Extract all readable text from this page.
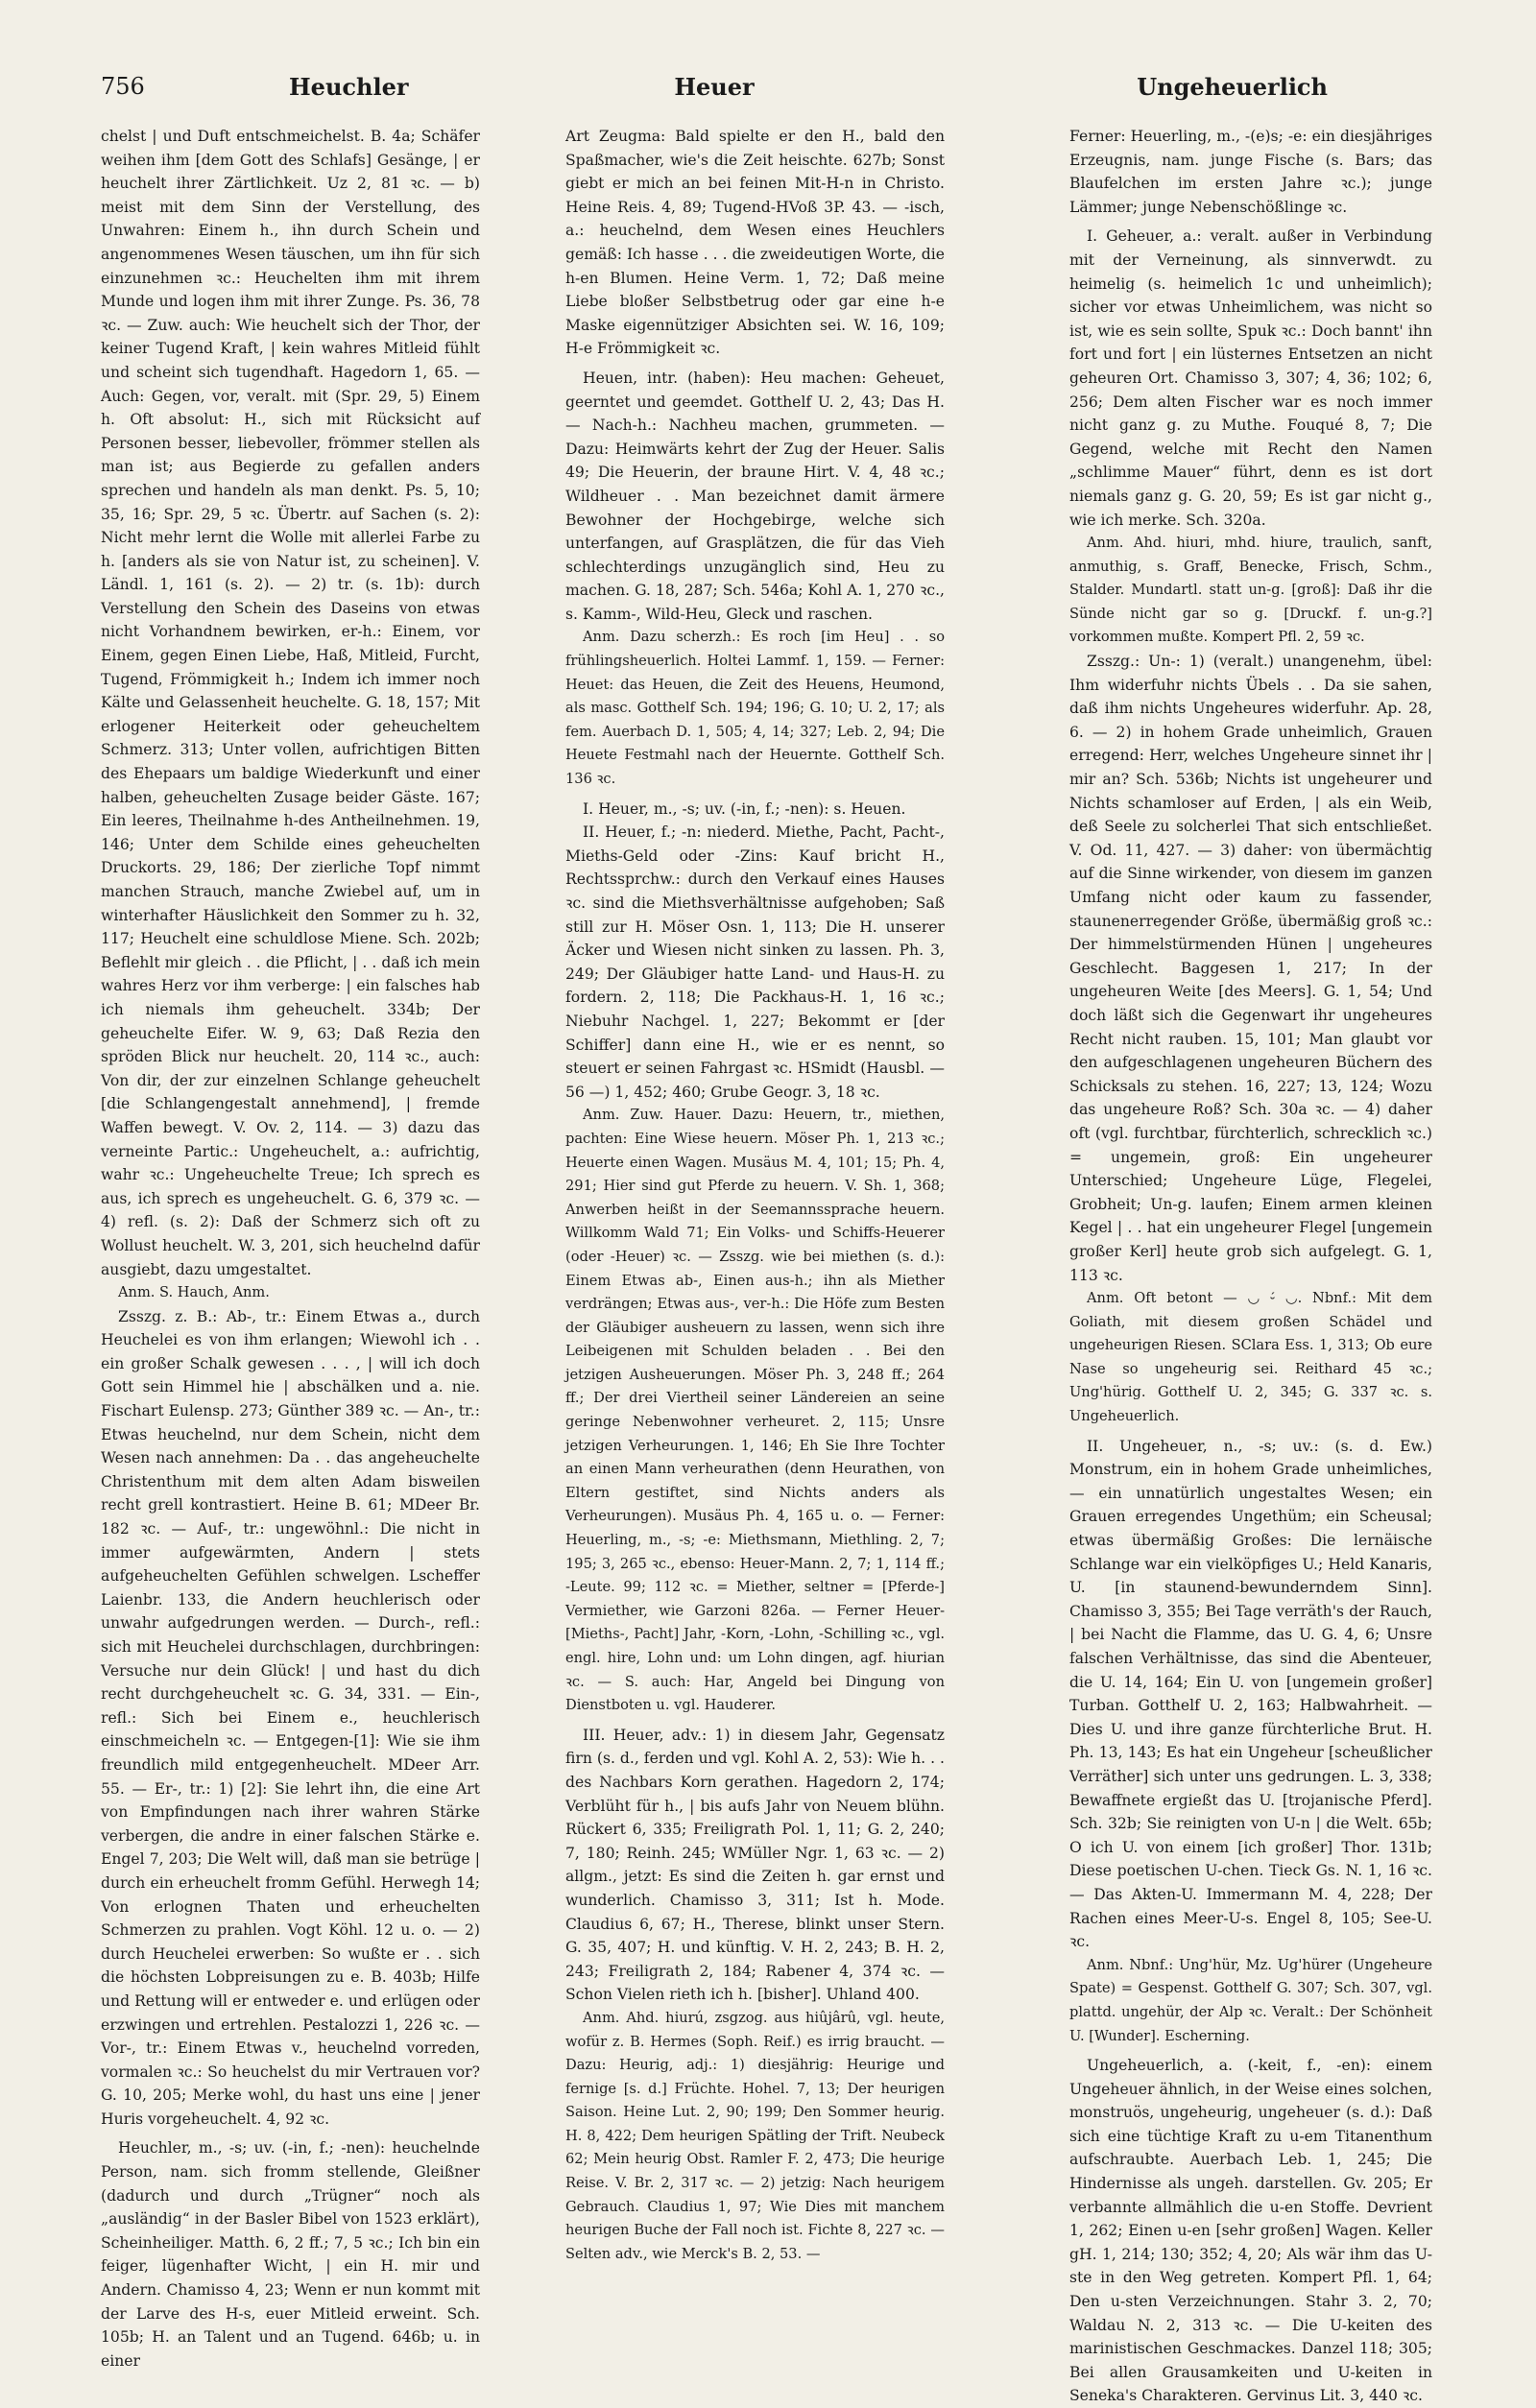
756	Heuchler	Heuer	Ungeheuerlich

chelst | und Duft entschmeichelst. B. 4a; Schäfer weihen ihm [dem Gott des Schlafs] Gesänge, | er heuchelt ihrer Zärtlichkeit. Uz 2, 81 ꝛc. — b) meist mit dem Sinn der Verstellung, des Unwahren: Einem h., ihn durch Schein und angenommenes Wesen täuschen, um ihn für sich einzunehmen ꝛc.: Heuchelten ihm mit ihrem Munde und logen ihm mit ihrer Zunge. Ps. 36, 78 ꝛc. — Zuw. auch: Wie heuchelt sich der Thor, der keiner Tugend Kraft, | kein wahres Mitleid fühlt und scheint sich tugendhaft. Hagedorn 1, 65. — Auch: Gegen, vor, veralt. mit (Spr. 29, 5) Einem h. Oft absolut: H., sich mit Rücksicht auf Personen besser, liebevoller, frömmer stellen als man ist; aus Begierde zu gefallen anders sprechen und handeln als man denkt. Ps. 5, 10; 35, 16; Spr. 29, 5 ꝛc. Übertr. auf Sachen (s. 2): Nicht mehr lernt die Wolle mit allerlei Farbe zu h. [anders als sie von Natur ist, zu scheinen]. V. Ländl. 1, 161 (s. 2). — 2) tr. (s. 1b): durch Verstellung den Schein des Daseins von etwas nicht Vorhandnem bewirken, er-h.: Einem, vor Einem, gegen Einen Liebe, Haß, Mitleid, Furcht, Tugend, Frömmigkeit h.; Indem ich immer noch Kälte und Gelassenheit heuchelte. G. 18, 157; Mit erlogener Heiterkeit oder geheucheltem Schmerz. 313; Unter vollen, aufrichtigen Bitten des Ehepaars um baldige Wiederkunft und einer halben, geheuchelten Zusage beider Gäste. 167; Ein leeres, Theilnahme h-des Antheilnehmen. 19, 146; Unter dem Schilde eines geheuchelten Druckorts. 29, 186; Der zierliche Topf nimmt manchen Strauch, manche Zwiebel auf, um in winterhafter Häuslichkeit den Sommer zu h. 32, 117; Heuchelt eine schuldlose Miene. Sch. 202b; Beflehlt mir gleich . . die Pflicht, | . . daß ich mein wahres Herz vor ihm verberge: | ein falsches hab ich niemals ihm geheuchelt. 334b; Der geheuchelte Eifer. W. 9, 63; Daß Rezia den spröden Blick nur heuchelt. 20, 114 ꝛc., auch: Von dir, der zur einzelnen Schlange geheuchelt [die Schlangengestalt annehmend], | fremde Waffen bewegt. V. Ov. 2, 114. — 3) dazu das verneinte Partic.: Ungeheuchelt, a.: aufrichtig, wahr ꝛc.: Ungeheuchelte Treue; Ich sprech es aus, ich sprech es ungeheuchelt. G. 6, 379 ꝛc. — 4) refl. (s. 2): Daß der Schmerz sich oft zu Wollust heuchelt. W. 3, 201, sich heuchelnd dafür ausgiebt, dazu umgestaltet.

Anm. S. Hauch, Anm.

Zsszg. z. B.: Ab-, tr.: Einem Etwas a., durch Heuchelei es von ihm erlangen; Wiewohl ich . . ein großer Schalk gewesen . . . , | will ich doch Gott sein Himmel hie | abschälken und a. nie. Fischart Eulensp. 273; Günther 389 ꝛc. — An-, tr.: Etwas heuchelnd, nur dem Schein, nicht dem Wesen nach annehmen: Da . . das angeheuchelte Christenthum mit dem alten Adam bisweilen recht grell kontrastiert. Heine B. 61; MDeer Br. 182 ꝛc. — Auf-, tr.: ungewöhnl.: Die nicht in immer aufgewärmten, Andern | stets aufgeheuchelten Gefühlen schwelgen. Lscheffer Laienbr. 133, die Andern heuchlerisch oder unwahr aufgedrungen werden. — Durch-, refl.: sich mit Heuchelei durchschlagen, durchbringen: Versuche nur dein Glück! | und hast du dich recht durchgeheuchelt ꝛc. G. 34, 331. — Ein-, refl.: Sich bei Einem e., heuchlerisch einschmeicheln ꝛc. — Entgegen-[1]: Wie sie ihm freundlich mild entgegenheuchelt. MDeer Arr. 55. — Er-, tr.: 1) [2]: Sie lehrt ihn, die eine Art von Empfindungen nach ihrer wahren Stärke verbergen, die andre in einer falschen Stärke e. Engel 7, 203; Die Welt will, daß man sie betrüge | durch ein erheuchelt fromm Gefühl. Herwegh 14; Von erlognen Thaten und erheuchelten Schmerzen zu prahlen. Vogt Köhl. 12 u. o. — 2) durch Heuchelei erwerben: So wußte er . . sich die höchsten Lobpreisungen zu e. B. 403b; Hilfe und Rettung will er entweder e. und erlügen oder erzwingen und ertrehlen. Pestalozzi 1, 226 ꝛc. — Vor-, tr.: Einem Etwas v., heuchelnd vorreden, vormalen ꝛc.: So heuchelst du mir Vertrauen vor? G. 10, 205; Merke wohl, du hast uns eine | jener Huris vorgeheuchelt. 4, 92 ꝛc.

Heuchler, m., -s; uv. (-in, f.; -nen): heuchelnde Person, nam. sich fromm stellende, Gleißner (dadurch und durch „Trügner“ noch als „ausländig“ in der Basler Bibel von 1523 erklärt), Scheinheiliger. Matth. 6, 2 ff.; 7, 5 ꝛc.; Ich bin ein feiger, lügenhafter Wicht, | ein H. mir und Andern. Chamisso 4, 23; Wenn er nun kommt mit der Larve des H-s, euer Mitleid erweint. Sch. 105b; H. an Talent und an Tugend. 646b; u. in einer

Art Zeugma: Bald spielte er den H., bald den Spaßmacher, wie's die Zeit heischte. 627b; Sonst giebt er mich an bei feinen Mit-H-n in Christo. Heine Reis. 4, 89; Tugend-HVoß 3P. 43. — -isch, a.: heuchelnd, dem Wesen eines Heuchlers gemäß: Ich hasse . . . die zweideutigen Worte, die h-en Blumen. Heine Verm. 1, 72; Daß meine Liebe bloßer Selbstbetrug oder gar eine h-e Maske eigennütziger Absichten sei. W. 16, 109; H-e Frömmigkeit ꝛc.

Heuen, intr. (haben): Heu machen: Geheuet, geerntet und geemdet. Gotthelf U. 2, 43; Das H. — Nach-h.: Nachheu machen, grummeten. — Dazu: Heimwärts kehrt der Zug der Heuer. Salis 49; Die Heuerin, der braune Hirt. V. 4, 48 ꝛc.; Wildheuer . . Man bezeichnet damit ärmere Bewohner der Hochgebirge, welche sich unterfangen, auf Grasplätzen, die für das Vieh schlechterdings unzugänglich sind, Heu zu machen. G. 18, 287; Sch. 546a; Kohl A. 1, 270 ꝛc., s. Kamm-, Wild-Heu, Gleck und raschen.

Anm. Dazu scherzh.: Es roch [im Heu] . . so frühlingsheuerlich. Holtei Lammf. 1, 159. — Ferner: Heuet: das Heuen, die Zeit des Heuens, Heumond, als masc. Gotthelf Sch. 194; 196; G. 10; U. 2, 17; als fem. Auerbach D. 1, 505; 4, 14; 327; Leb. 2, 94; Die Heuete Festmahl nach der Heuernte. Gotthelf Sch. 136 ꝛc.

I. Heuer, m., -s; uv. (-in, f.; -nen): s. Heuen.

II. Heuer, f.; -n: niederd. Miethe, Pacht, Pacht-, Mieths-Geld oder -Zins: Kauf bricht H., Rechtssprchw.: durch den Verkauf eines Hauses ꝛc. sind die Miethsverhältnisse aufgehoben; Saß still zur H. Möser Osn. 1, 113; Die H. unserer Äcker und Wiesen nicht sinken zu lassen. Ph. 3, 249; Der Gläubiger hatte Land- und Haus-H. zu fordern. 2, 118; Die Packhaus-H. 1, 16 ꝛc.; Niebuhr Nachgel. 1, 227; Bekommt er [der Schiffer] dann eine H., wie er es nennt, so steuert er seinen Fahrgast ꝛc. HSmidt (Hausbl. — 56 —) 1, 452; 460; Grube Geogr. 3, 18 ꝛc.

Anm. Zuw. Hauer. Dazu: Heuern, tr., miethen, pachten: Eine Wiese heuern. Möser Ph. 1, 213 ꝛc.; Heuerte einen Wagen. Musäus M. 4, 101; 15; Ph. 4, 291; Hier sind gut Pferde zu heuern. V. Sh. 1, 368; Anwerben heißt in der Seemannssprache heuern. Willkomm Wald 71; Ein Volks- und Schiffs-Heuerer (oder -Heuer) ꝛc. — Zsszg. wie bei miethen (s. d.): Einem Etwas ab-, Einen aus-h.; ihn als Miether verdrängen; Etwas aus-, ver-h.: Die Höfe zum Besten der Gläubiger ausheuern zu lassen, wenn sich ihre Leibeigenen mit Schulden beladen . . Bei den jetzigen Ausheuerungen. Möser Ph. 3, 248 ff.; 264 ff.; Der drei Viertheil seiner Ländereien an seine geringe Nebenwohner verheuret. 2, 115; Unsre jetzigen Verheurungen. 1, 146; Eh Sie Ihre Tochter an einen Mann verheurathen (denn Heurathen, von Eltern gestiftet, sind Nichts anders als Verheurungen). Musäus Ph. 4, 165 u. o. — Ferner: Heuerling, m., -s; -e: Miethsmann, Miethling. 2, 7; 195; 3, 265 ꝛc., ebenso: Heuer-Mann. 2, 7; 1, 114 ff.; -Leute. 99; 112 ꝛc. = Miether, seltner = [Pferde-] Vermiether, wie Garzoni 826a. — Ferner Heuer-[Mieths-, Pacht] Jahr, -Korn, -Lohn, -Schilling ꝛc., vgl. engl. hire, Lohn und: um Lohn dingen, agf. hiurian ꝛc. — S. auch: Har, Angeld bei Dingung von Dienstboten u. vgl. Hauderer.

III. Heuer, adv.: 1) in diesem Jahr, Gegensatz firn (s. d., ferden und vgl. Kohl A. 2, 53): Wie h. . . des Nachbars Korn gerathen. Hagedorn 2, 174; Verblüht für h., | bis aufs Jahr von Neuem blühn. Rückert 6, 335; Freiligrath Pol. 1, 11; G. 2, 240; 7, 180; Reinh. 245; WMüller Ngr. 1, 63 ꝛc. — 2) allgm., jetzt: Es sind die Zeiten h. gar ernst und wunderlich. Chamisso 3, 311; Ist h. Mode. Claudius 6, 67; H., Therese, blinkt unser Stern. G. 35, 407; H. und künftig. V. H. 2, 243; B. H. 2, 243; Freiligrath 2, 184; Rabener 4, 374 ꝛc. — Schon Vielen rieth ich h. [bisher]. Uhland 400.

Anm. Ahd. hiurú, zsgzog. aus hiûjârû, vgl. heute, wofür z. B. Hermes (Soph. Reif.) es irrig braucht. — Dazu: Heurig, adj.: 1) diesjährig: Heurige und fernige [s. d.] Früchte. Hohel. 7, 13; Der heurigen Saison. Heine Lut. 2, 90; 199; Den Sommer heurig. H. 8, 422; Dem heurigen Spätling der Trift. Neubeck 62; Mein heurig Obst. Ramler F. 2, 473; Die heurige Reise. V. Br. 2, 317 ꝛc. — 2) jetzig: Nach heurigem Gebrauch. Claudius 1, 97; Wie Dies mit manchem heurigen Buche der Fall noch ist. Fichte 8, 227 ꝛc. — Selten adv., wie Merck's B. 2, 53. —

Ferner: Heuerling, m., -(e)s; -e: ein diesjähriges Erzeugnis, nam. junge Fische (s. Bars; das Blaufelchen im ersten Jahre ꝛc.); junge Lämmer; junge Nebenschößlinge ꝛc.

I. Geheuer, a.: veralt. außer in Verbindung mit der Verneinung, als sinnverwdt. zu heimelig (s. heimelich 1c und unheimlich); sicher vor etwas Unheimlichem, was nicht so ist, wie es sein sollte, Spuk ꝛc.: Doch bannt' ihn fort und fort | ein lüsternes Entsetzen an nicht geheuren Ort. Chamisso 3, 307; 4, 36; 102; 6, 256; Dem alten Fischer war es noch immer nicht ganz g. zu Muthe. Fouqué 8, 7; Die Gegend, welche mit Recht den Namen „schlimme Mauer“ führt, denn es ist dort niemals ganz g. G. 20, 59; Es ist gar nicht g., wie ich merke. Sch. 320a.

Anm. Ahd. hiuri, mhd. hiure, traulich, sanft, anmuthig, s. Graff, Benecke, Frisch, Schm., Stalder. Mundartl. statt un-g. [groß]: Daß ihr die Sünde nicht gar so g. [Druckf. f. un-g.?] vorkommen mußte. Kompert Pfl. 2, 59 ꝛc.

Zsszg.: Un-: 1) (veralt.) unangenehm, übel: Ihm widerfuhr nichts Übels . . Da sie sahen, daß ihm nichts Ungeheures widerfuhr. Ap. 28, 6. — 2) in hohem Grade unheimlich, Grauen erregend: Herr, welches Ungeheure sinnet ihr | mir an? Sch. 536b; Nichts ist ungeheurer und Nichts schamloser auf Erden, | als ein Weib, deß Seele zu solcherlei That sich entschließet. V. Od. 11, 427. — 3) daher: von übermächtig auf die Sinne wirkender, von diesem im ganzen Umfang nicht oder kaum zu fassender, staunenerregender Größe, übermäßig groß ꝛc.: Der himmelstürmenden Hünen | ungeheures Geschlecht. Baggesen 1, 217; In der ungeheuren Weite [des Meers]. G. 1, 54; Und doch läßt sich die Gegenwart ihr ungeheures Recht nicht rauben. 15, 101; Man glaubt vor den aufgeschlagenen ungeheuren Büchern des Schicksals zu stehen. 16, 227; 13, 124; Wozu das ungeheure Roß? Sch. 30a ꝛc. — 4) daher oft (vgl. furchtbar, fürchterlich, schrecklich ꝛc.) = ungemein, groß: Ein ungeheurer Unterschied; Ungeheure Lüge, Flegelei, Grobheit; Un-g. laufen; Einem armen kleinen Kegel | . . hat ein ungeheurer Flegel [ungemein großer Kerl] heute grob sich aufgelegt. G. 1, 113 ꝛc.

Anm. Oft betont — ◡ ⏑́ ◡. Nbnf.: Mit dem Goliath, mit diesem großen Schädel und ungeheurigen Riesen. SClara Ess. 1, 313; Ob eure Nase so ungeheurig sei. Reithard 45 ꝛc.; Ung'hürig. Gotthelf U. 2, 345; G. 337 ꝛc. s. Ungeheuerlich.

II. Ungeheuer, n., -s; uv.: (s. d. Ew.) Monstrum, ein in hohem Grade unheimliches, — ein unnatürlich ungestaltes Wesen; ein Grauen erregendes Ungethüm; ein Scheusal; etwas übermäßig Großes: Die lernäische Schlange war ein vielköpfiges U.; Held Kanaris, U. [in staunend-bewunderndem Sinn]. Chamisso 3, 355; Bei Tage verräth's der Rauch, | bei Nacht die Flamme, das U. G. 4, 6; Unsre falschen Verhältnisse, das sind die Abenteuer, die U. 14, 164; Ein U. von [ungemein großer] Turban. Gotthelf U. 2, 163; Halbwahrheit. — Dies U. und ihre ganze fürchterliche Brut. H. Ph. 13, 143; Es hat ein Ungeheur [scheußlicher Verräther] sich unter uns gedrungen. L. 3, 338; Bewaffnete ergießt das U. [trojanische Pferd]. Sch. 32b; Sie reinigten von U-n | die Welt. 65b; O ich U. von einem [ich großer] Thor. 131b; Diese poetischen U-chen. Tieck Gs. N. 1, 16 ꝛc. — Das Akten-U. Immermann M. 4, 228; Der Rachen eines Meer-U-s. Engel 8, 105; See-U. ꝛc.

Anm. Nbnf.: Ung'hür, Mz. Ug'hürer (Ungeheure Spate) = Gespenst. Gotthelf G. 307; Sch. 307, vgl. plattd. ungehür, der Alp ꝛc. Veralt.: Der Schönheit U. [Wunder]. Escherning.

Ungeheuerlich, a. (-keit, f., -en): einem Ungeheuer ähnlich, in der Weise eines solchen, monstruös, ungeheurig, ungeheuer (s. d.): Daß sich eine tüchtige Kraft zu u-em Titanenthum aufschraubte. Auerbach Leb. 1, 245; Die Hindernisse als ungeh. darstellen. Gv. 205; Er verbannte allmählich die u-en Stoffe. Devrient 1, 262; Einen u-en [sehr großen] Wagen. Keller gH. 1, 214; 130; 352; 4, 20; Als wär ihm das U-ste in den Weg getreten. Kompert Pfl. 1, 64; Den u-sten Verzeichnungen. Stahr 3. 2, 70; Waldau N. 2, 313 ꝛc. — Die U-keiten des marinistischen Geschmackes. Danzel 118; 305; Bei allen Grausamkeiten und U-keiten in Seneka's Charakteren. Gervinus Lit. 3, 440 ꝛc.
